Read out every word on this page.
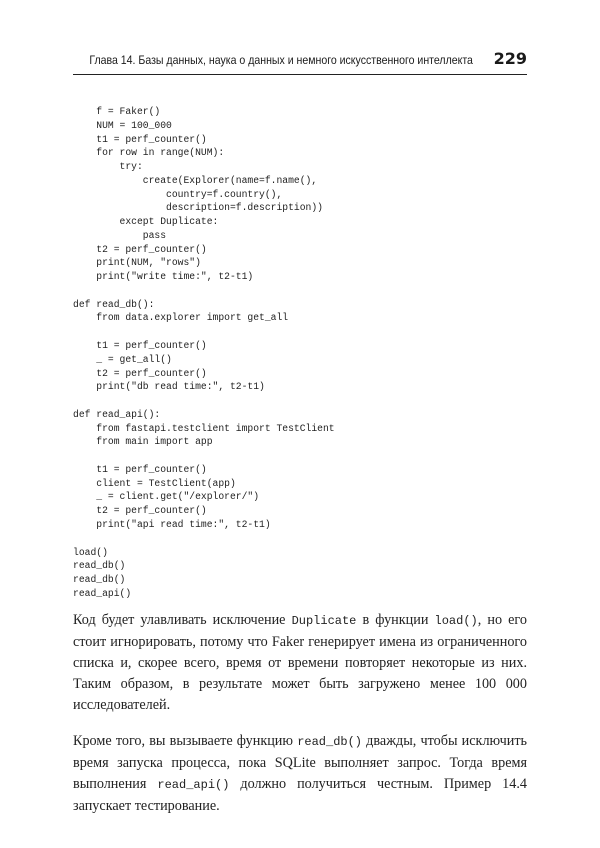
Глава 14. Базы данных, наука о данных и немного искусственного интеллекта 229
f = Faker()
NUM = 100_000
t1 = perf_counter()
for row in range(NUM):
try:
create(Explorer(name=f.name(),
country=f.country(),
description=f.description))
except Duplicate:
pass
t2 = perf_counter()
print(NUM, "rows")
print("write time:", t2-t1)
def read_db():
from data.explorer import get_all
t1 = perf_counter()
_ = get_all()
t2 = perf_counter()
print("db read time:", t2-t1)
def read_api():
from fastapi.testclient import TestClient
from main import app
t1 = perf_counter()
client = TestClient(app)
_ = client.get("/explorer/")
t2 = perf_counter()
print("api read time:", t2-t1)
load()
read_db()
read_db()
read_api()

Код будет улавливать исключение Duplicate в функции load(), но его стоит игнорировать, потому что Faker генерирует имена из ограниченного списка и, скорее всего, время от времени повторяет некоторые из них. Таким образом, в результате может быть загружено менее 100 000 исследователей.

Кроме того, вы вызываете функцию read_db() дважды, чтобы исключить время запуска процесса, пока SQLite выполняет запрос. Тогда время выполнения read_api() должно получиться честным. Пример 14.4 запускает тестирование.
